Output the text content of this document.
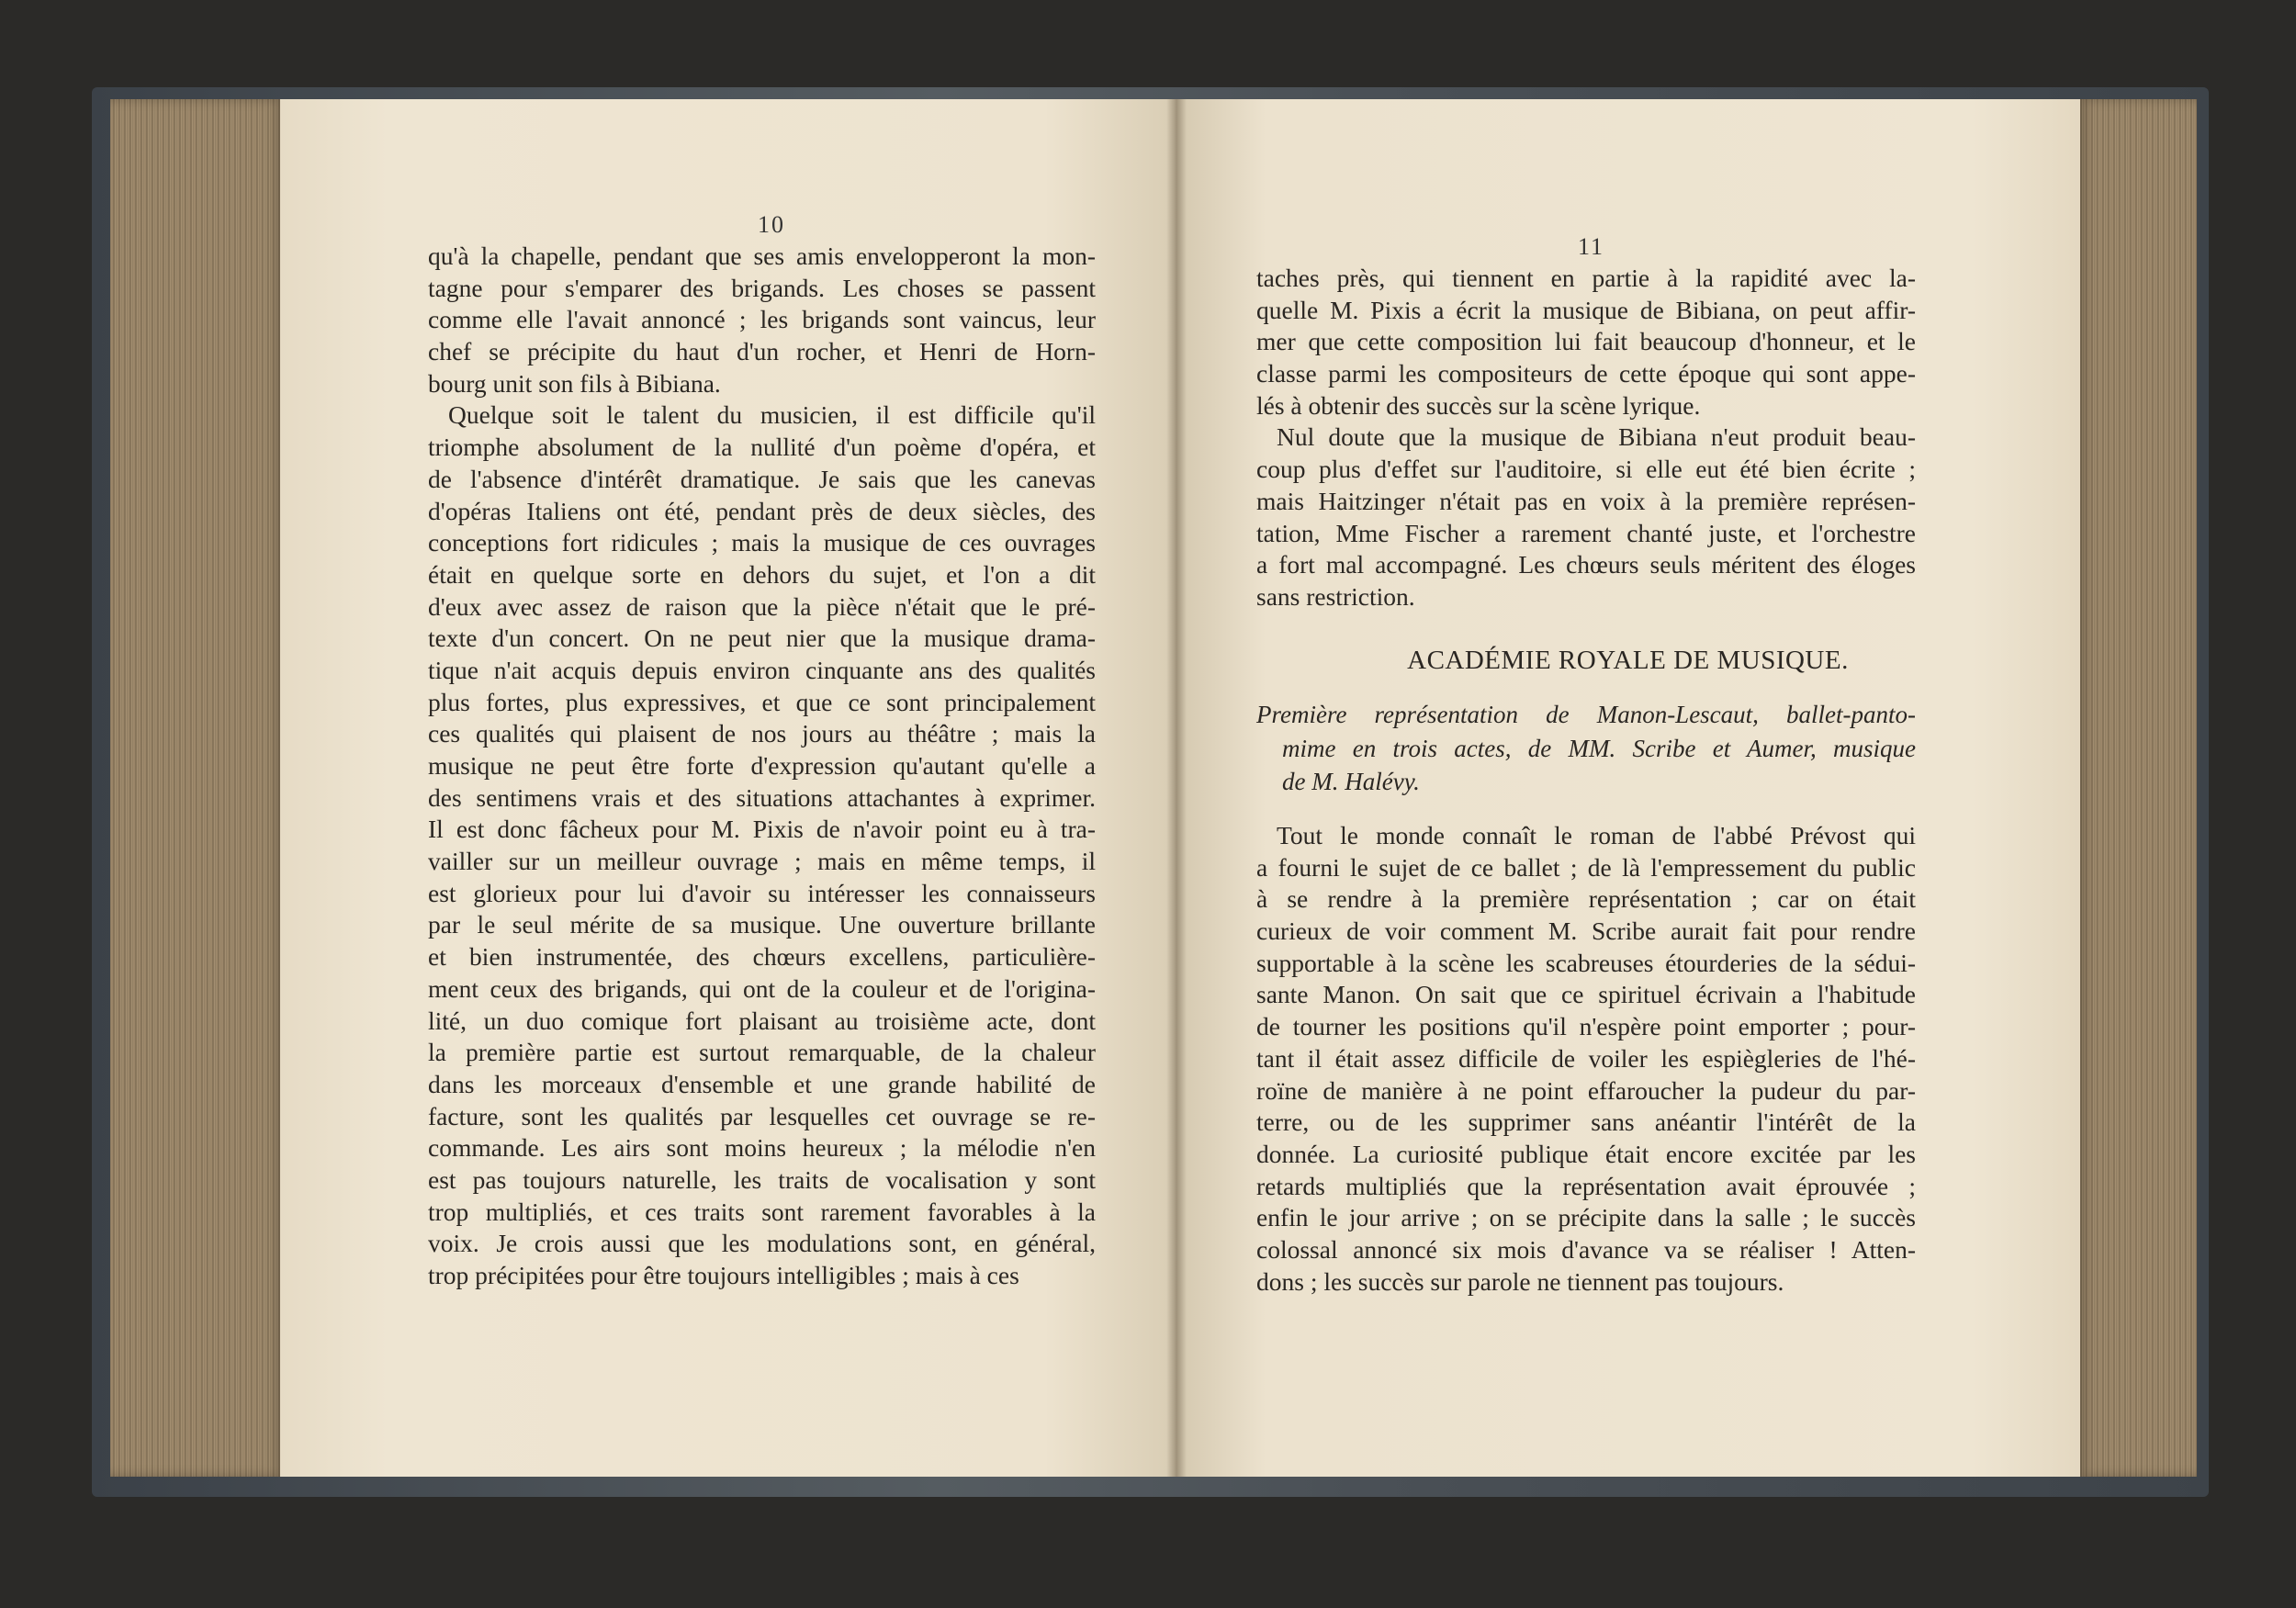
10
qu'à la chapelle, pendant que ses amis envelopperont la mon-
tagne pour s'emparer des brigands. Les choses se passent
comme elle l'avait annoncé ; les brigands sont vaincus, leur
chef se précipite du haut d'un rocher, et Henri de Horn-
bourg unit son fils à Bibiana.
Quelque soit le talent du musicien, il est difficile qu'il
triomphe absolument de la nullité d'un poème d'opéra, et
de l'absence d'intérêt dramatique. Je sais que les canevas
d'opéras Italiens ont été, pendant près de deux siècles, des
conceptions fort ridicules ; mais la musique de ces ouvrages
était en quelque sorte en dehors du sujet, et l'on a dit
d'eux avec assez de raison que la pièce n'était que le pré-
texte d'un concert. On ne peut nier que la musique drama-
tique n'ait acquis depuis environ cinquante ans des qualités
plus fortes, plus expressives, et que ce sont principalement
ces qualités qui plaisent de nos jours au théâtre ; mais la
musique ne peut être forte d'expression qu'autant qu'elle a
des sentimens vrais et des situations attachantes à exprimer.
Il est donc fâcheux pour M. Pixis de n'avoir point eu à tra-
vailler sur un meilleur ouvrage ; mais en même temps, il
est glorieux pour lui d'avoir su intéresser les connaisseurs
par le seul mérite de sa musique. Une ouverture brillante
et bien instrumentée, des chœurs excellens, particulière-
ment ceux des brigands, qui ont de la couleur et de l'origina-
lité, un duo comique fort plaisant au troisième acte, dont
la première partie est surtout remarquable, de la chaleur
dans les morceaux d'ensemble et une grande habilité de
facture, sont les qualités par lesquelles cet ouvrage se re-
commande. Les airs sont moins heureux ; la mélodie n'en
est pas toujours naturelle, les traits de vocalisation y sont
trop multipliés, et ces traits sont rarement favorables à la
voix. Je crois aussi que les modulations sont, en général,
trop précipitées pour être toujours intelligibles ; mais à ces
11
taches près, qui tiennent en partie à la rapidité avec la-
quelle M. Pixis a écrit la musique de Bibiana, on peut affir-
mer que cette composition lui fait beaucoup d'honneur, et le
classe parmi les compositeurs de cette époque qui sont appe-
lés à obtenir des succès sur la scène lyrique.
Nul doute que la musique de Bibiana n'eut produit beau-
coup plus d'effet sur l'auditoire, si elle eut été bien écrite ;
mais Haitzinger n'était pas en voix à la première représen-
tation, Mme Fischer a rarement chanté juste, et l'orchestre
a fort mal accompagné. Les chœurs seuls méritent des éloges
sans restriction.
ACADÉMIE ROYALE DE MUSIQUE.
Première représentation de Manon-Lescaut, ballet-panto-
mime en trois actes, de MM. Scribe et Aumer, musique
de M. Halévy.
Tout le monde connaît le roman de l'abbé Prévost qui
a fourni le sujet de ce ballet ; de là l'empressement du public
à se rendre à la première représentation ; car on était
curieux de voir comment M. Scribe aurait fait pour rendre
supportable à la scène les scabreuses étourderies de la sédui-
sante Manon. On sait que ce spirituel écrivain a l'habitude
de tourner les positions qu'il n'espère point emporter ; pour-
tant il était assez difficile de voiler les espiègleries de l'hé-
roïne de manière à ne point effaroucher la pudeur du par-
terre, ou de les supprimer sans anéantir l'intérêt de la
donnée. La curiosité publique était encore excitée par les
retards multipliés que la représentation avait éprouvée ;
enfin le jour arrive ; on se précipite dans la salle ; le succès
colossal annoncé six mois d'avance va se réaliser ! Atten-
dons ; les succès sur parole ne tiennent pas toujours.
